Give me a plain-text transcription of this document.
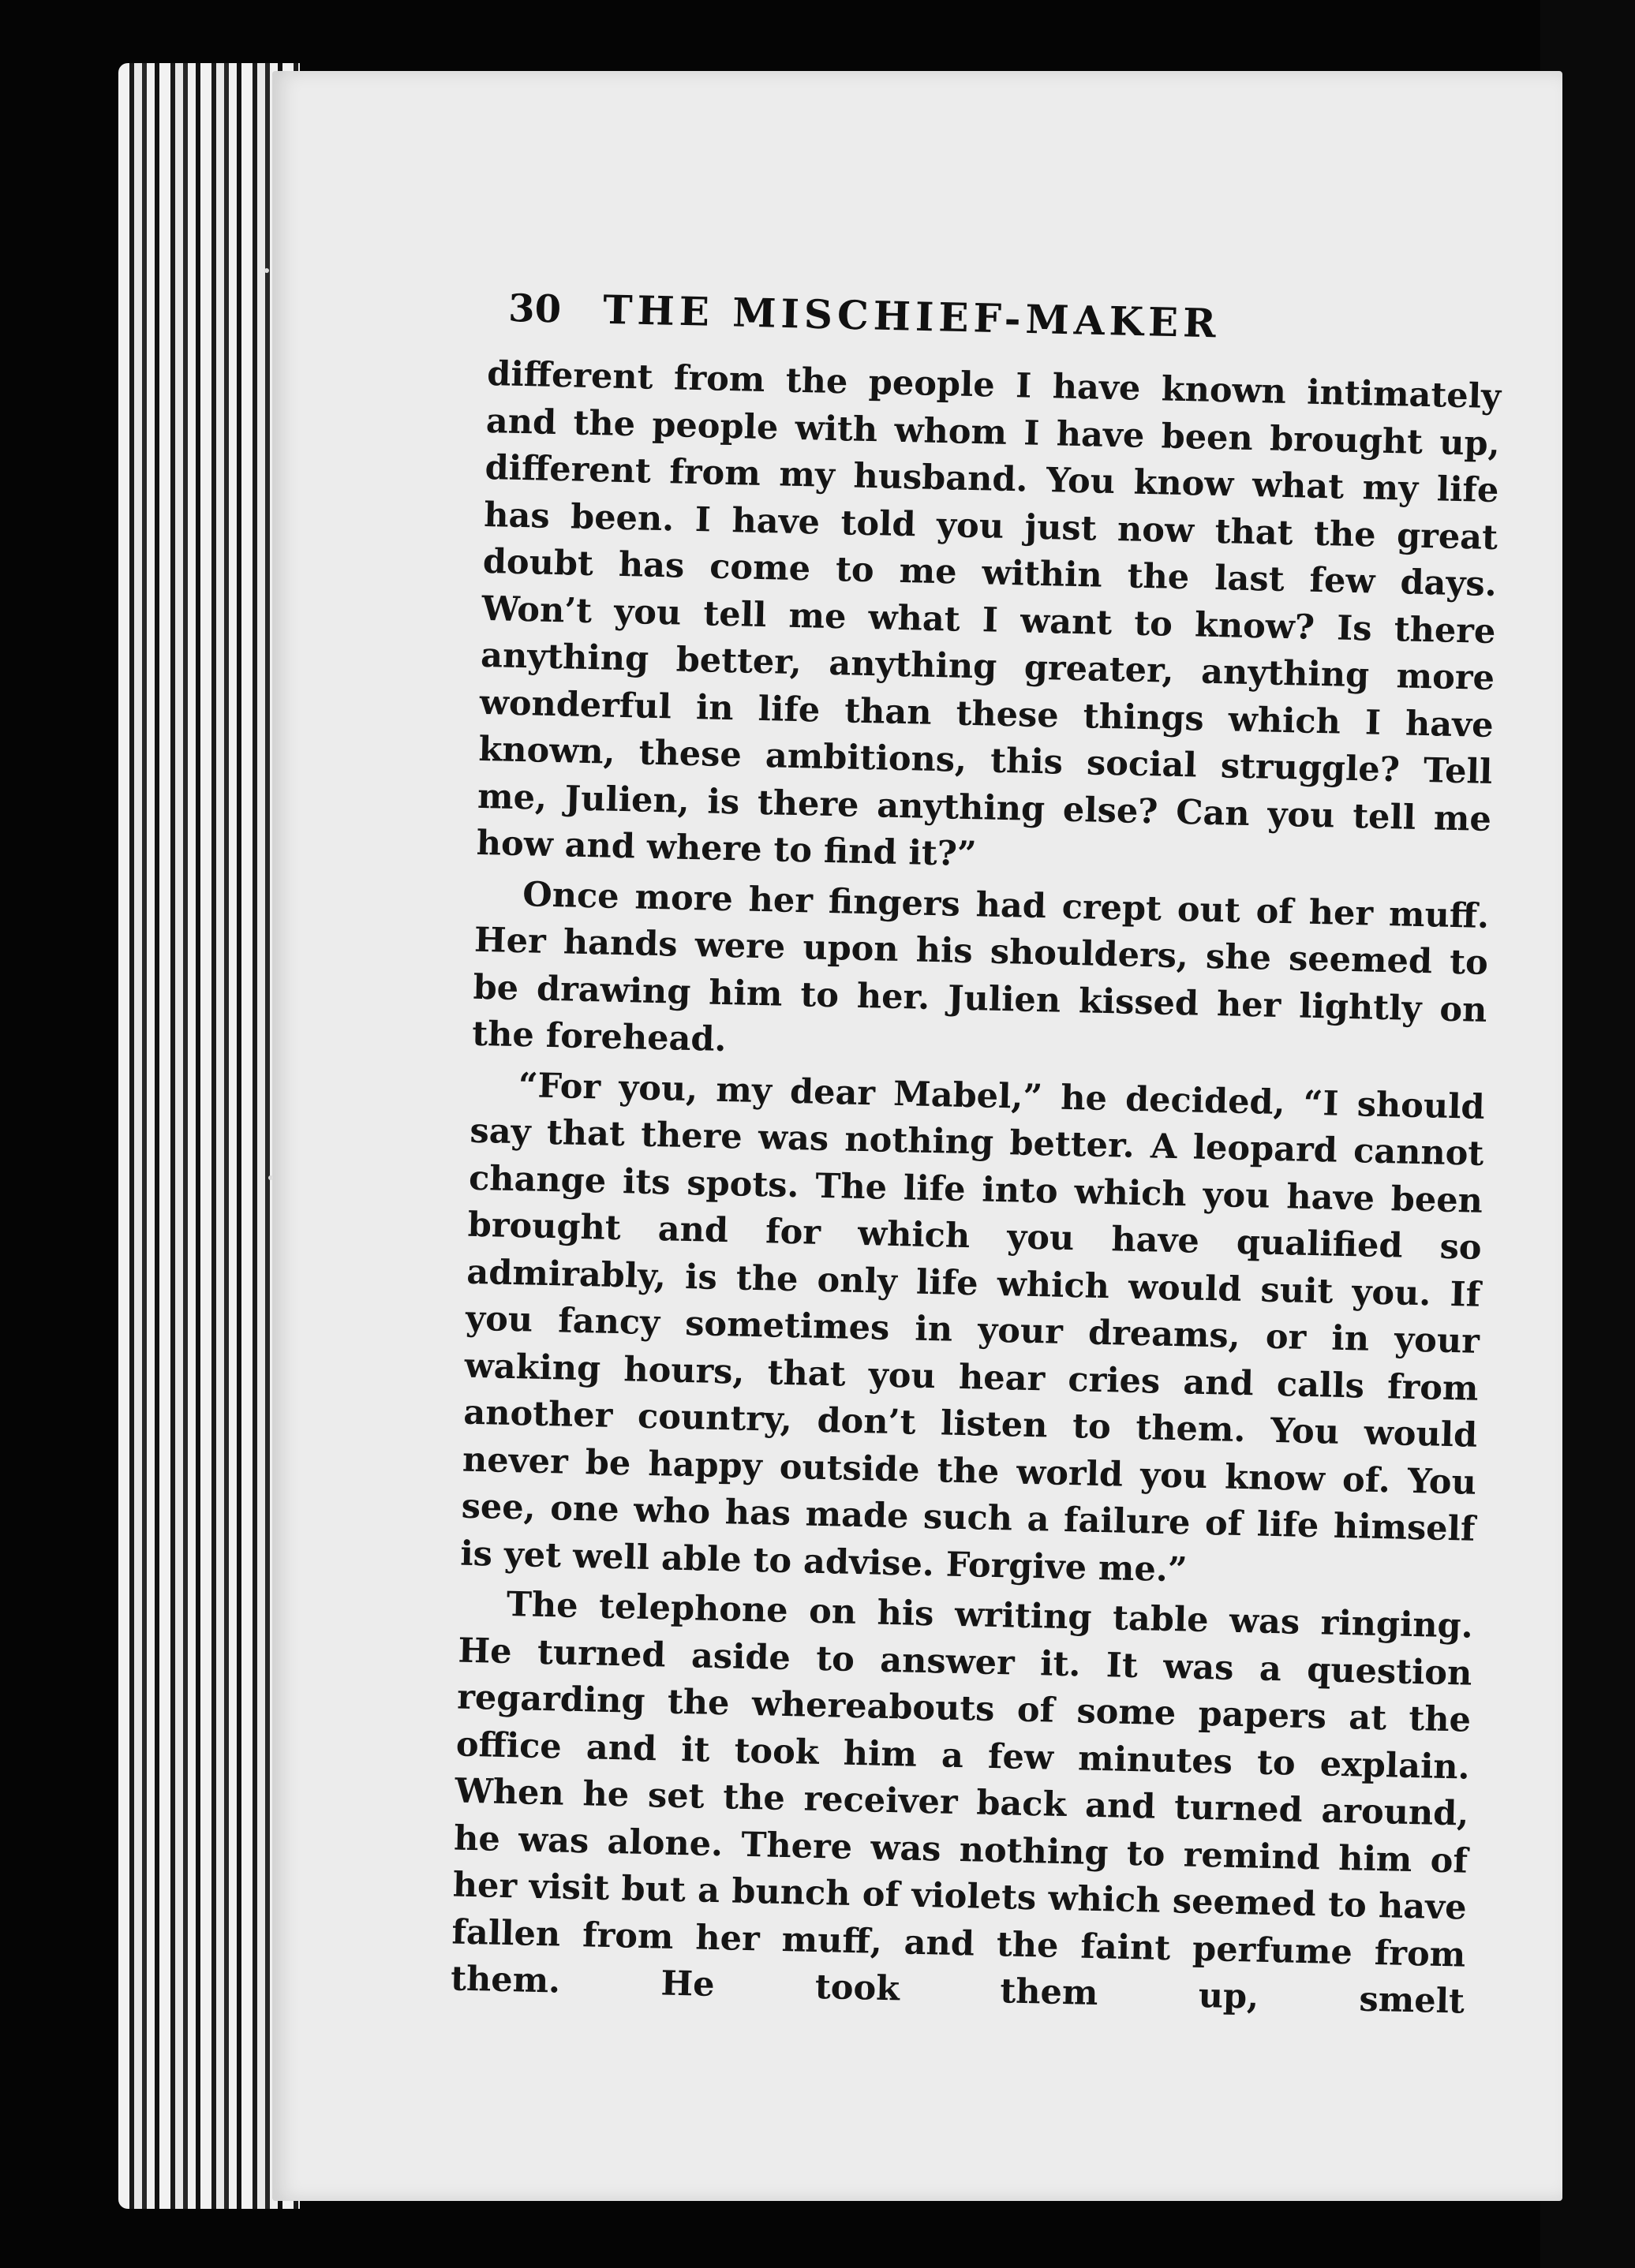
30	THE MISCHIEF-MAKER

different from the people I have known intimately and the people with whom I have been brought up, different from my husband. You know what my life has been. I have told you just now that the great doubt has come to me within the last few days. Won’t you tell me what I want to know? Is there anything better, anything greater, anything more wonderful in life than these things which I have known, these ambitions, this social struggle? Tell me, Julien, is there anything else? Can you tell me how and where to find it?”

Once more her fingers had crept out of her muff. Her hands were upon his shoulders, she seemed to be drawing him to her. Julien kissed her lightly on the forehead.

“For you, my dear Mabel,” he decided, “I should say that there was nothing better. A leopard cannot change its spots. The life into which you have been brought and for which you have qualified so admirably, is the only life which would suit you. If you fancy sometimes in your dreams, or in your waking hours, that you hear cries and calls from another country, don’t listen to them. You would never be happy outside the world you know of. You see, one who has made such a failure of life himself is yet well able to advise. Forgive me.”

The telephone on his writing table was ringing. He turned aside to answer it. It was a question regarding the whereabouts of some papers at the office and it took him a few minutes to explain. When he set the receiver back and turned around, he was alone. There was nothing to remind him of her visit but a bunch of violets which seemed to have fallen from her muff, and the faint perfume from them. He took them up, smelt
